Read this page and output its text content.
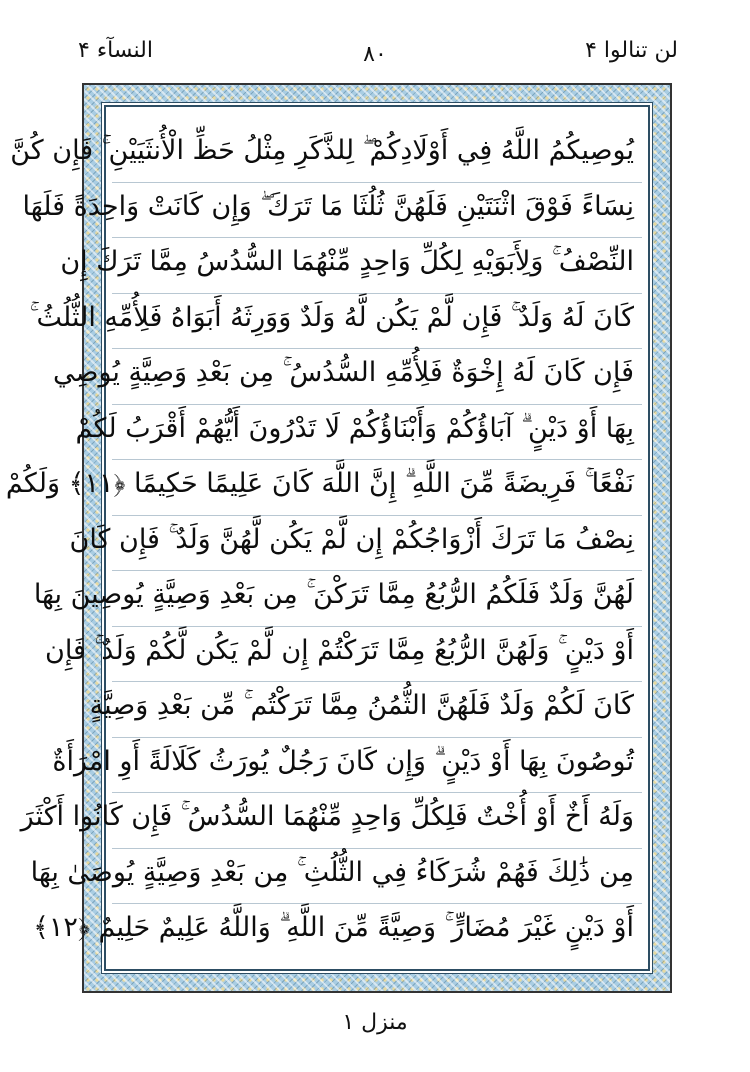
لن تنالوا ۴
۸۰
النسآء ۴
يُوصِيكُمُ اللَّهُ فِي أَوْلَادِكُمْ ۖ لِلذَّكَرِ مِثْلُ حَظِّ الْأُنثَيَيْنِ ۚ فَإِن كُنَّ
نِسَاءً فَوْقَ اثْنَتَيْنِ فَلَهُنَّ ثُلُثَا مَا تَرَكَ ۖ وَإِن كَانَتْ وَاحِدَةً فَلَهَا
النِّصْفُ ۚ وَلِأَبَوَيْهِ لِكُلِّ وَاحِدٍ مِّنْهُمَا السُّدُسُ مِمَّا تَرَكَ إِن
كَانَ لَهُ وَلَدٌ ۚ فَإِن لَّمْ يَكُن لَّهُ وَلَدٌ وَوَرِثَهُ أَبَوَاهُ فَلِأُمِّهِ الثُّلُثُ ۚ
فَإِن كَانَ لَهُ إِخْوَةٌ فَلِأُمِّهِ السُّدُسُ ۚ مِن بَعْدِ وَصِيَّةٍ يُوصِي
بِهَا أَوْ دَيْنٍ ۗ آبَاؤُكُمْ وَأَبْنَاؤُكُمْ لَا تَدْرُونَ أَيُّهُمْ أَقْرَبُ لَكُمْ
نَفْعًا ۚ فَرِيضَةً مِّنَ اللَّهِ ۗ إِنَّ اللَّهَ كَانَ عَلِيمًا حَكِيمًا ﴿١١﴾ وَلَكُمْ
نِصْفُ مَا تَرَكَ أَزْوَاجُكُمْ إِن لَّمْ يَكُن لَّهُنَّ وَلَدٌ ۚ فَإِن كَانَ
لَهُنَّ وَلَدٌ فَلَكُمُ الرُّبُعُ مِمَّا تَرَكْنَ ۚ مِن بَعْدِ وَصِيَّةٍ يُوصِينَ بِهَا
أَوْ دَيْنٍ ۚ وَلَهُنَّ الرُّبُعُ مِمَّا تَرَكْتُمْ إِن لَّمْ يَكُن لَّكُمْ وَلَدٌ ۚ فَإِن
كَانَ لَكُمْ وَلَدٌ فَلَهُنَّ الثُّمُنُ مِمَّا تَرَكْتُم ۚ مِّن بَعْدِ وَصِيَّةٍ
تُوصُونَ بِهَا أَوْ دَيْنٍ ۗ وَإِن كَانَ رَجُلٌ يُورَثُ كَلَالَةً أَوِ امْرَأَةٌ
وَلَهُ أَخٌ أَوْ أُخْتٌ فَلِكُلِّ وَاحِدٍ مِّنْهُمَا السُّدُسُ ۚ فَإِن كَانُوا أَكْثَرَ
مِن ذَٰلِكَ فَهُمْ شُرَكَاءُ فِي الثُّلُثِ ۚ مِن بَعْدِ وَصِيَّةٍ يُوصَىٰ بِهَا
أَوْ دَيْنٍ غَيْرَ مُضَارٍّ ۚ وَصِيَّةً مِّنَ اللَّهِ ۗ وَاللَّهُ عَلِيمٌ حَلِيمٌ ﴿١٢﴾
منزل ۱
